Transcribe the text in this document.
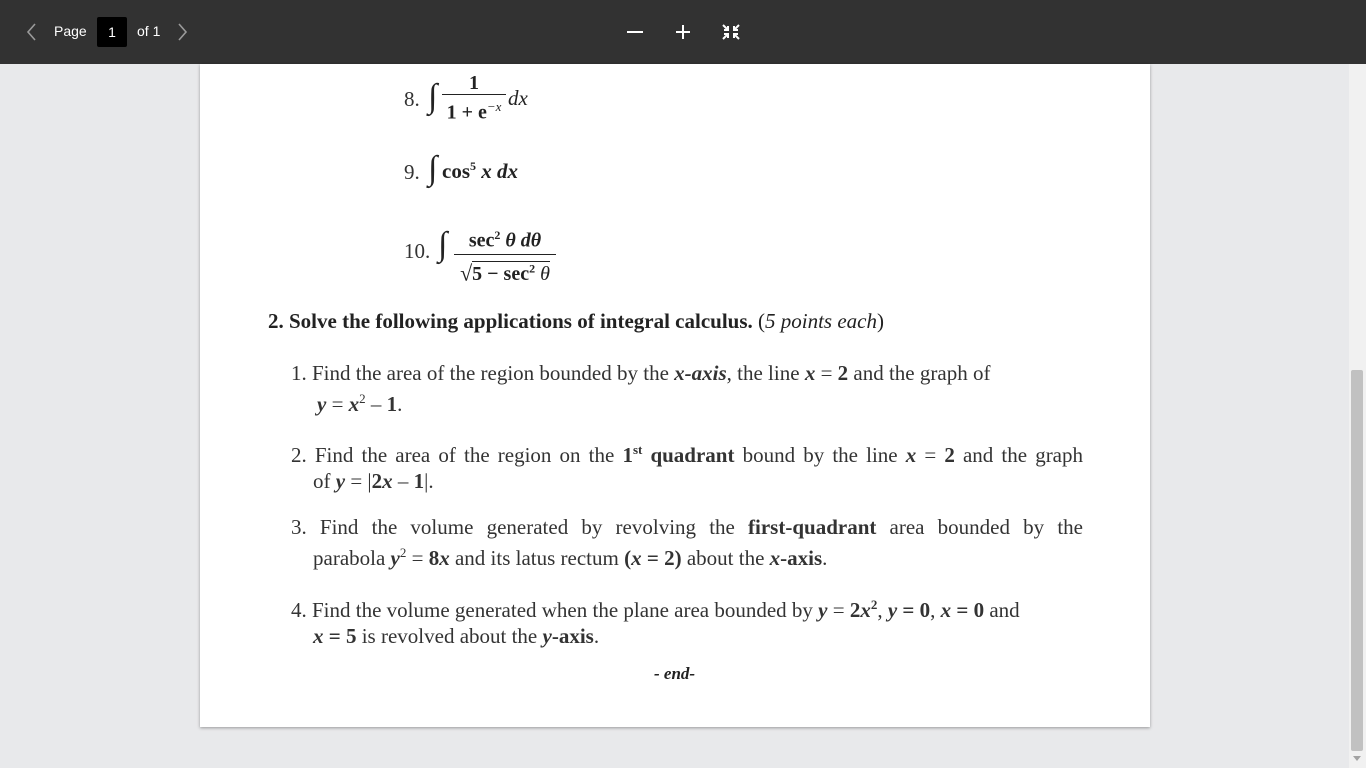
Page
1	of 1
8. ∫ 1
$1 + e^{-x}$ dx
9. ∫ $\cos^5 x$ dx
10. ∫ $\sec^2 \theta$ dθ
$√5 - \sec^2 \theta$
2. Solve the following applications of integral calculus. (5 points each)
1. Find the area of the region bounded by the x-axis, the line x = 2 and the graph of
$y = x^2 - 1$.
2. Find the area of the region on the 1st quadrant bound by the line x = 2 and the graph
of y = |2x – 1|.
3. Find the volume generated by revolving the first-quadrant area bounded by the
parabola $y^2 = 8x$ and its latus rectum (x = 2) about the x-axis.
4. Find the volume generated when the plane area bounded by $y = 2x^2$, y = 0, x = 0 and
x = 5 is revolved about the y-axis.
- end-
